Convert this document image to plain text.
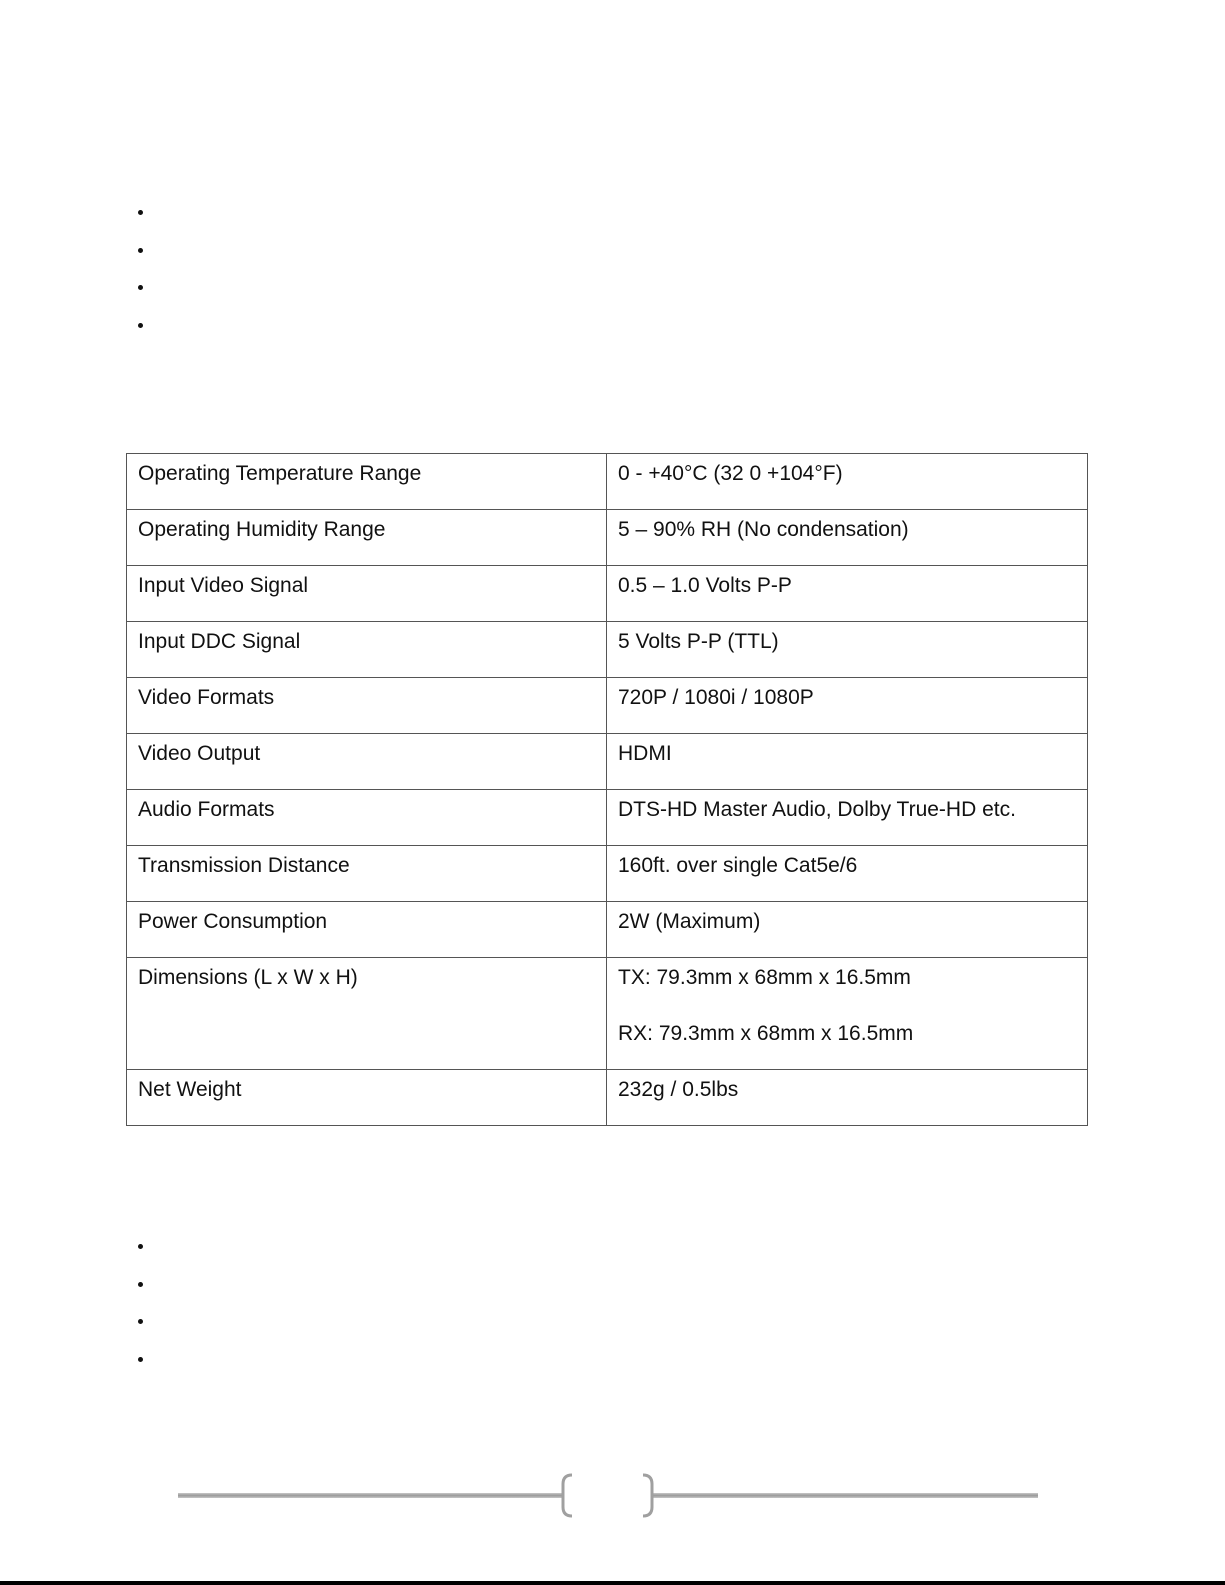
Operating Temperature Range	0 - +40°C (32 0 +104°F)
Operating Humidity Range	5 – 90% RH (No condensation)
Input Video Signal	0.5 – 1.0 Volts P-P
Input DDC Signal	5 Volts P-P (TTL)
Video Formats	720P / 1080i / 1080P
Video Output	HDMI
Audio Formats	DTS-HD Master Audio, Dolby True-HD etc.
Transmission Distance	160ft. over single Cat5e/6
Power Consumption	2W (Maximum)
Dimensions (L x W x H)	TX: 79.3mm x 68mm x 16.5mm
RX: 79.3mm x 68mm x 16.5mm

Net Weight	232g / 0.5lbs
